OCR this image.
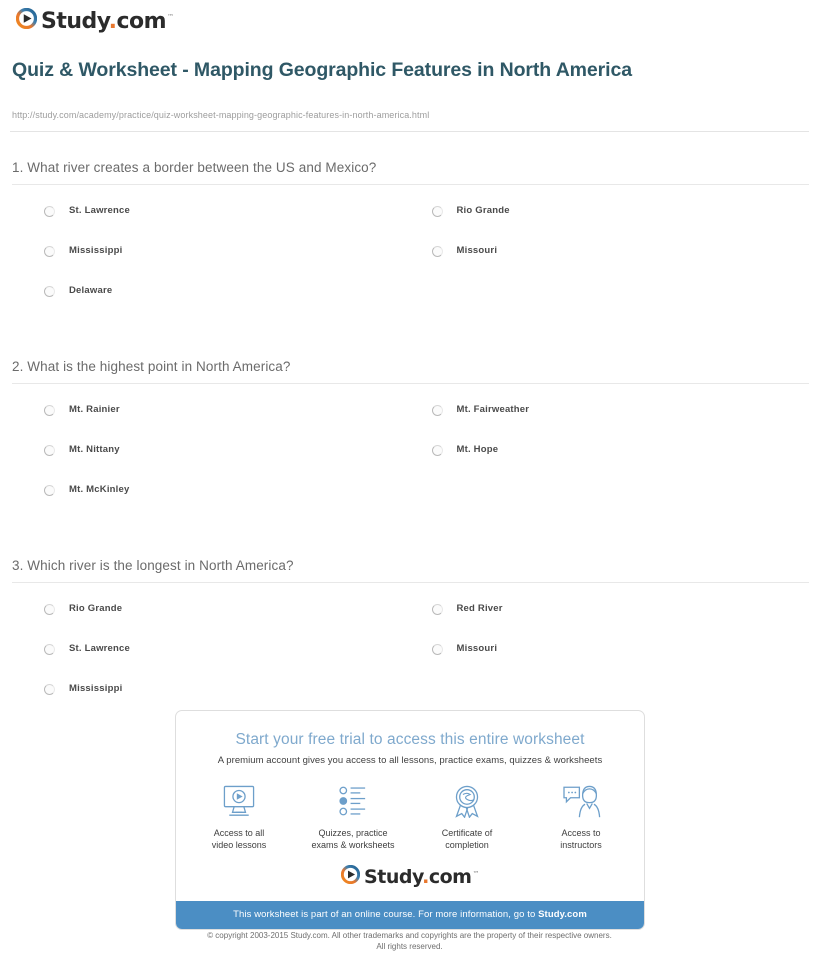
Study.com™
Quiz & Worksheet - Mapping Geographic Features in North America
http://study.com/academy/practice/quiz-worksheet-mapping-geographic-features-in-north-america.html
1. What river creates a border between the US and Mexico?
St. Lawrence	Rio Grande
Mississippi	Missouri
Delaware
2. What is the highest point in North America?
Mt. Rainier	Mt. Fairweather
Mt. Nittany	Mt. Hope
Mt. McKinley
3. Which river is the longest in North America?
Rio Grande	Red River
St. Lawrence	Missouri
Mississippi
Start your free trial to access this entire worksheet
A premium account gives you access to all lessons, practice exams, quizzes & worksheets
Access to all
video lessons
Quizzes, practice
exams & worksheets
Certificate of
completion
Access to
instructors
Study.com™
This worksheet is part of an online course. For more information, go to Study.com
© copyright 2003-2015 Study.com. All other trademarks and copyrights are the property of their respective owners.
All rights reserved.
